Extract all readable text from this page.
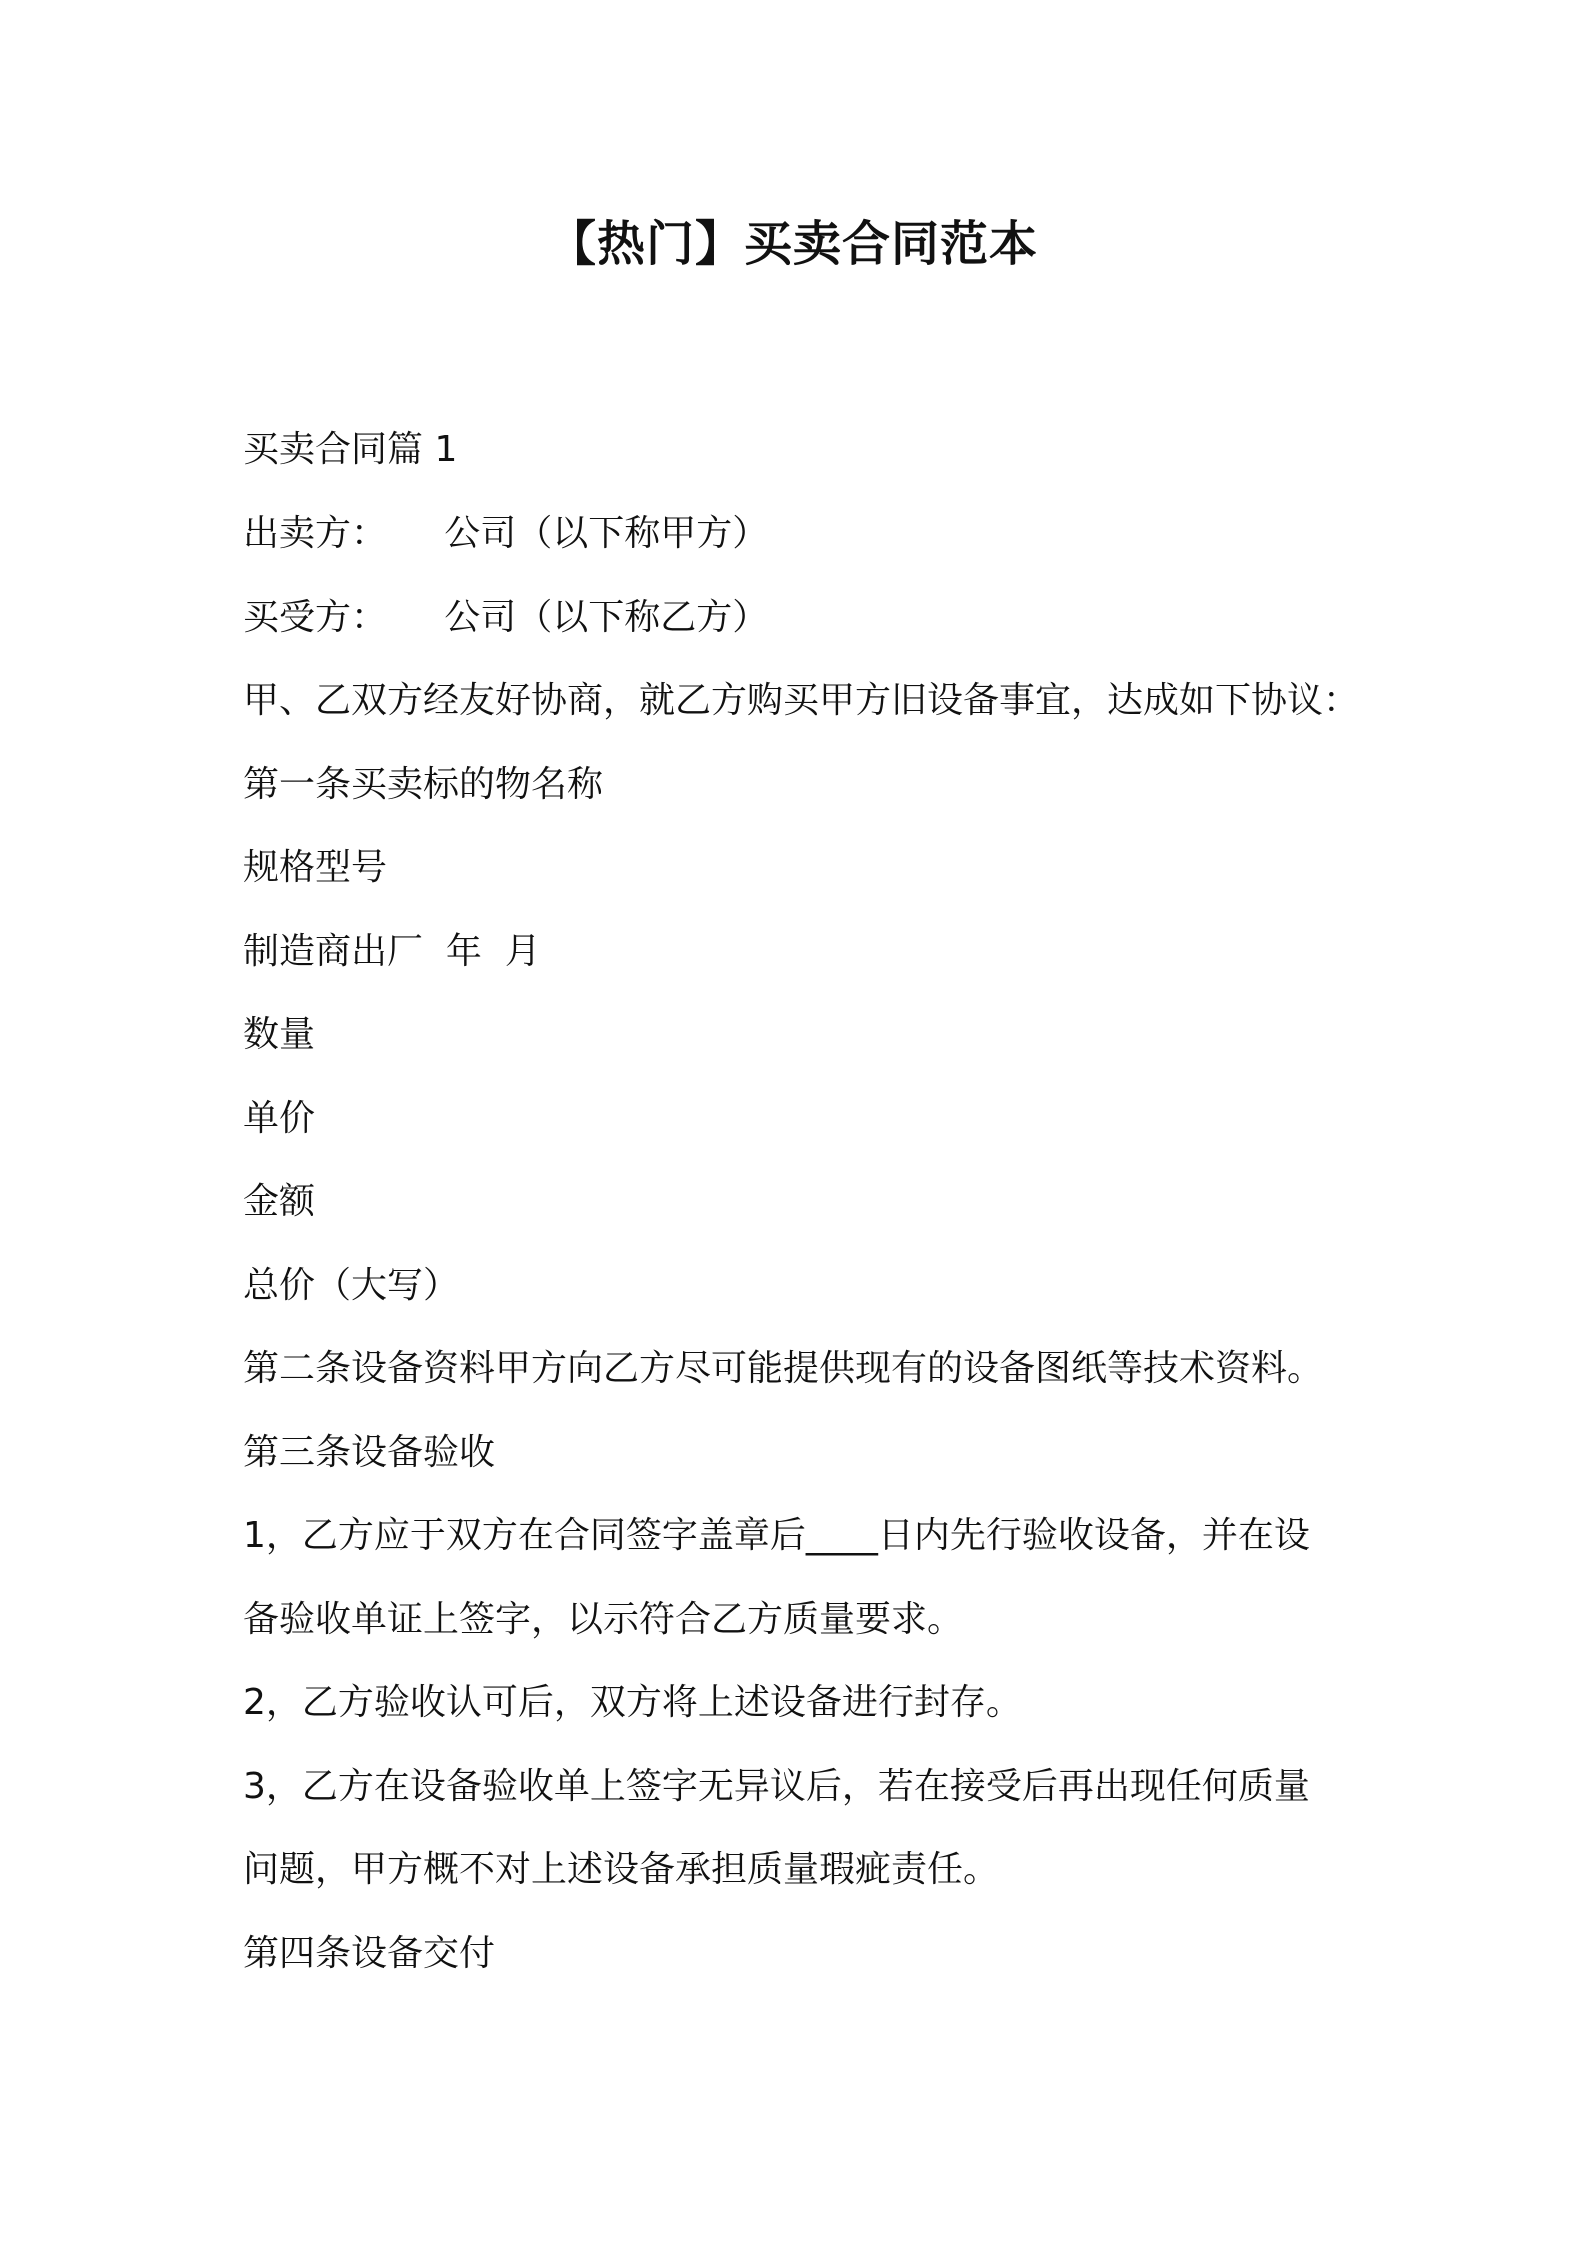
【热门】买卖合同范本

买卖合同篇 1

出卖方：     公司（以下称甲方）

买受方：     公司（以下称乙方）

甲、乙双方经友好协商，就乙方购买甲方旧设备事宜，达成如下协议：

第一条买卖标的物名称

规格型号

制造商出厂  年  月

数量

单价

金额

总价（大写）

第二条设备资料甲方向乙方尽可能提供现有的设备图纸等技术资料。

第三条设备验收

1，乙方应于双方在合同签字盖章后____日内先行验收设备，并在设

备验收单证上签字，以示符合乙方质量要求。

2，乙方验收认可后，双方将上述设备进行封存。

3，乙方在设备验收单上签字无异议后，若在接受后再出现任何质量

问题，甲方概不对上述设备承担质量瑕疵责任。

第四条设备交付
